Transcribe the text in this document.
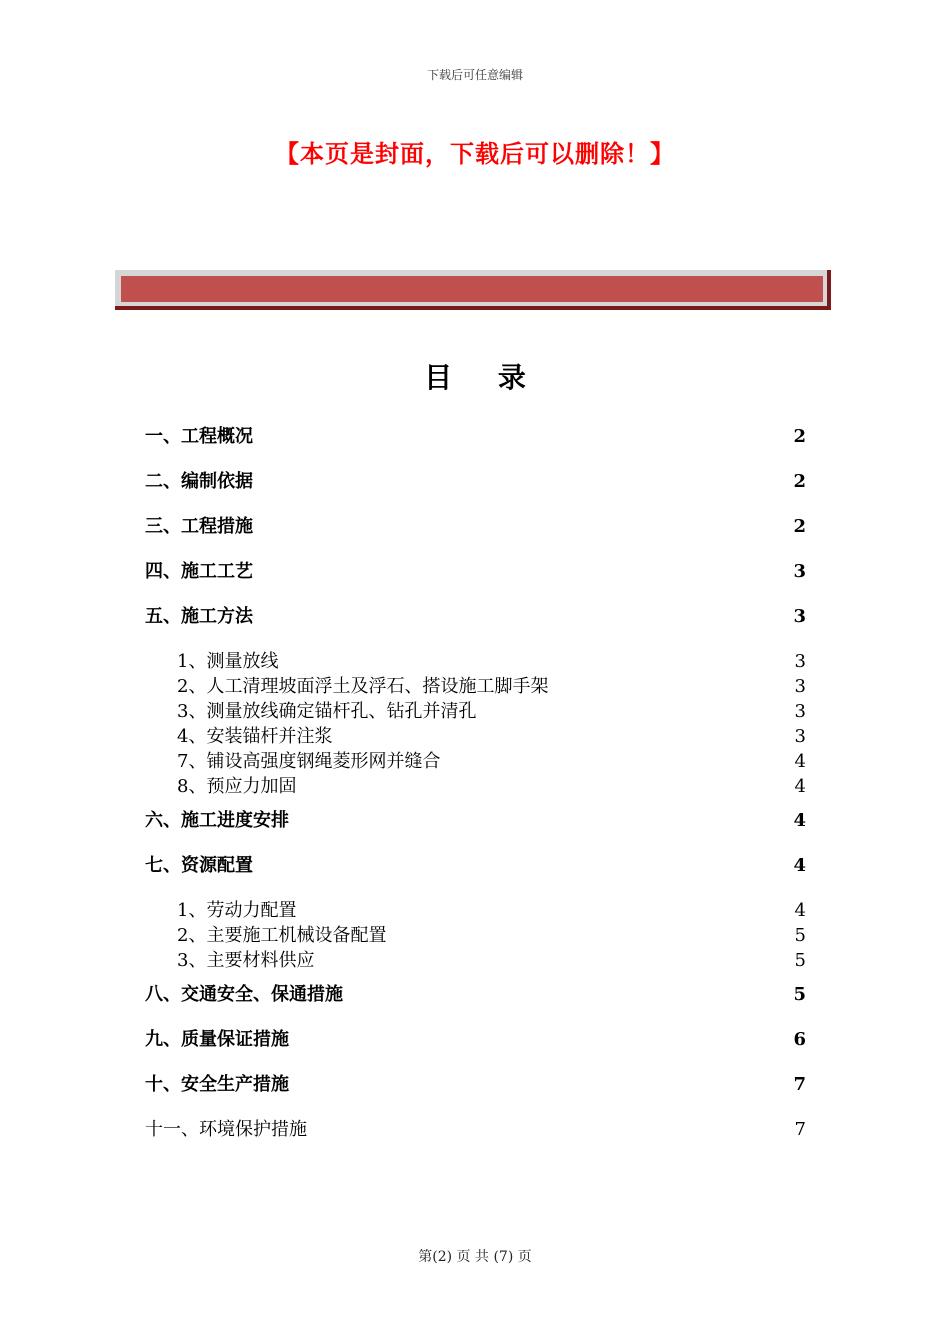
下载后可任意编辑
【本页是封面，下载后可以删除！】
目 录
一、工程概况	2
二、编制依据	2
三、工程措施	2
四、施工工艺	3
五、施工方法	3
1、测量放线	3
2、人工清理坡面浮土及浮石、搭设施工脚手架	3
3、测量放线确定锚杆孔、钻孔并清孔	3
4、安装锚杆并注浆	3
7、铺设高强度钢绳菱形网并缝合	4
8、预应力加固	4
六、施工进度安排	4
七、资源配置	4
1、劳动力配置	4
2、主要施工机械设备配置	5
3、主要材料供应	5
八、交通安全、保通措施	5
九、质量保证措施	6
十、安全生产措施	7
十一、环境保护措施	7
第(2) 页 共 (7) 页
